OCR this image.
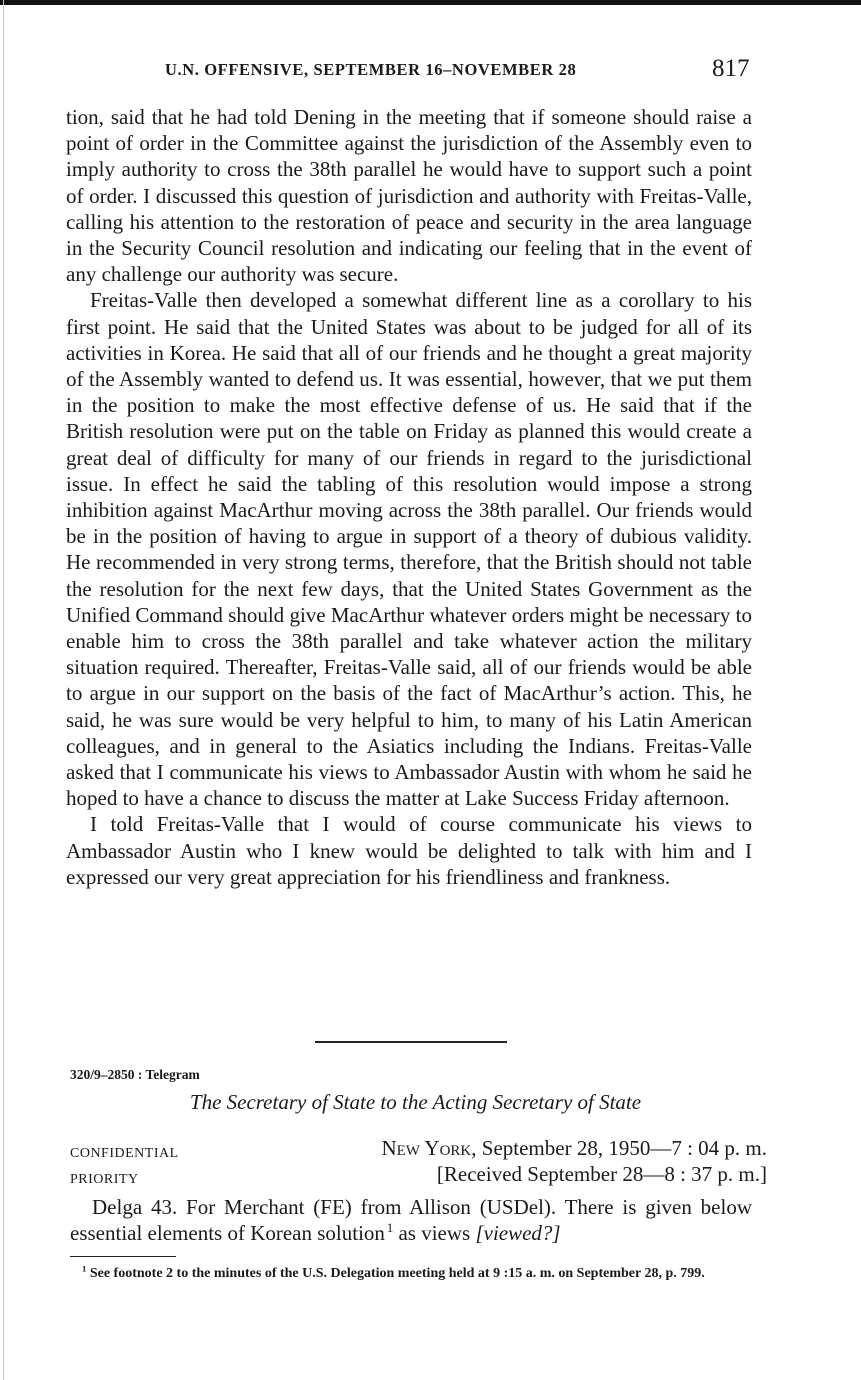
U.N. OFFENSIVE, SEPTEMBER 16–NOVEMBER 28	817

tion, said that he had told Dening in the meeting that if someone should raise a point of order in the Committee against the jurisdiction of the Assembly even to imply authority to cross the 38th parallel he would have to support such a point of order. I discussed this question of jurisdiction and authority with Freitas-Valle, calling his attention to the restoration of peace and security in the area language in the Security Council resolution and indicating our feeling that in the event of any challenge our authority was secure.

Freitas-Valle then developed a somewhat different line as a corollary to his first point. He said that the United States was about to be judged for all of its activities in Korea. He said that all of our friends and he thought a great majority of the Assembly wanted to defend us. It was essential, however, that we put them in the position to make the most effective defense of us. He said that if the British resolution were put on the table on Friday as planned this would create a great deal of difficulty for many of our friends in regard to the jurisdictional issue. In effect he said the tabling of this resolution would impose a strong inhibition against MacArthur moving across the 38th parallel. Our friends would be in the position of having to argue in support of a theory of dubious validity. He recommended in very strong terms, therefore, that the British should not table the resolution for the next few days, that the United States Government as the Unified Command should give MacArthur whatever orders might be necessary to enable him to cross the 38th parallel and take whatever action the military situation required. Thereafter, Freitas-Valle said, all of our friends would be able to argue in our support on the basis of the fact of MacArthur’s action. This, he said, he was sure would be very helpful to him, to many of his Latin American colleagues, and in general to the Asiatics including the Indians. Freitas-Valle asked that I communicate his views to Ambassador Austin with whom he said he hoped to have a chance to discuss the matter at Lake Success Friday afternoon.

I told Freitas-Valle that I would of course communicate his views to Ambassador Austin who I knew would be delighted to talk with him and I expressed our very great appreciation for his friendliness and frankness.

320/9–2850 : Telegram
The Secretary of State to the Acting Secretary of State
CONFIDENTIAL
PRIORITY
New York, September 28, 1950—7 : 04 p. m.
[Received September 28—8 : 37 p. m.]

Delga 43. For Merchant (FE) from Allison (USDel). There is given below essential elements of Korean solution  $^1$ as views [viewed?]

$^1$ See footnote 2 to the minutes of the U.S. Delegation meeting held at 9 :15 a. m. on September 28, p. 799.
